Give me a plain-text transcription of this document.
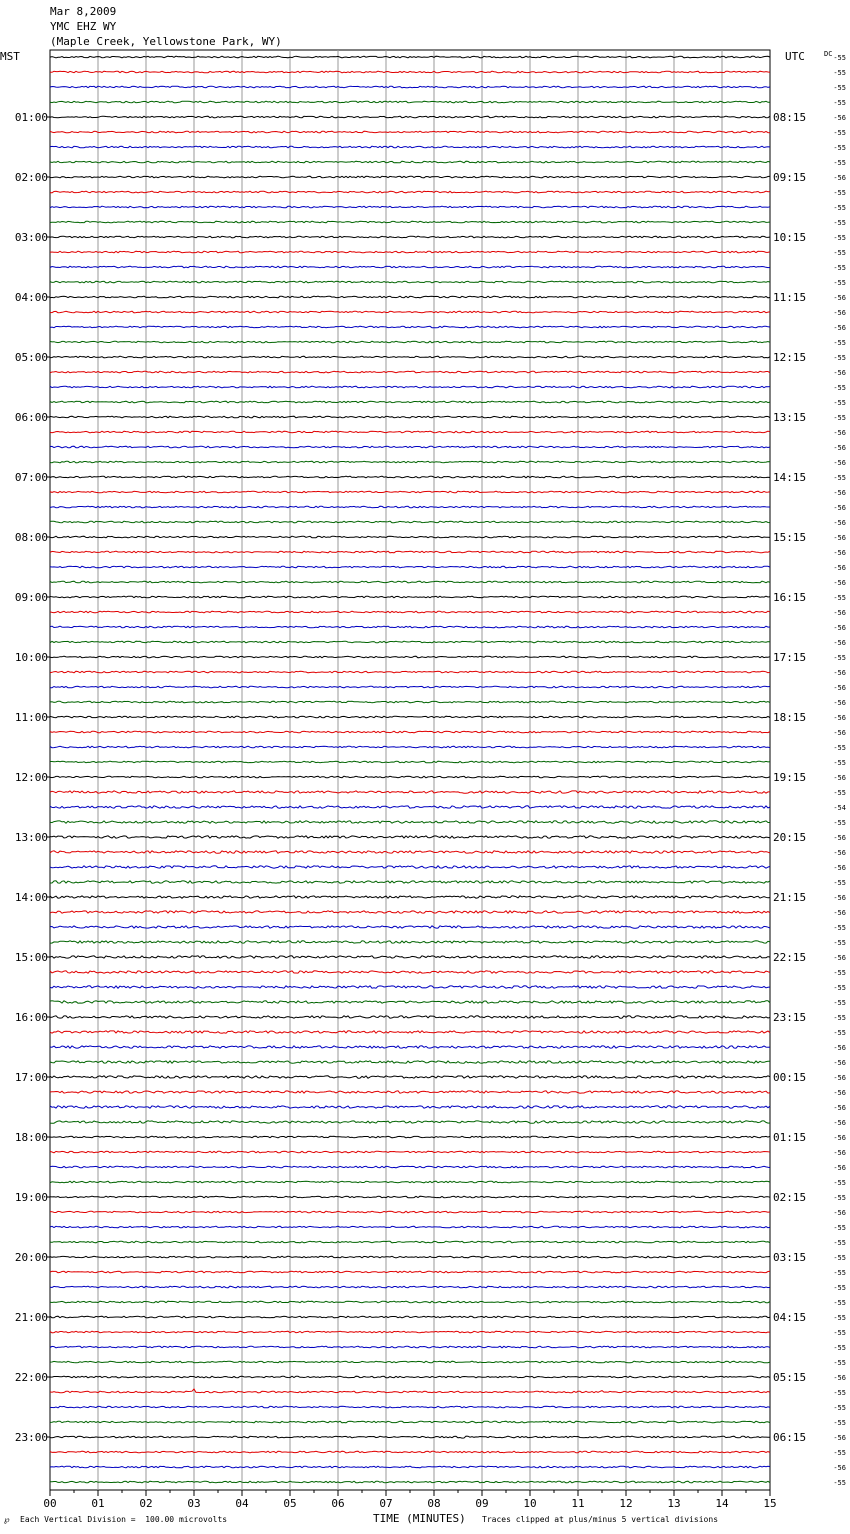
Mar 8,2009
YMC EHZ WY
(Maple Creek, Yellowstone Park, WY)
MST	UTC
00	01	02	03	04	05	06	07	08	09	10	11	12	13	14	15
-55
-55
-55
-55
-56
01:00	08:15
-55
-55
-55
-56
02:00	09:15
-55
-55
-55
-55
03:00	10:15
-55
-55
-55
-56
04:00	11:15
-56
-56
-55
-55
05:00	12:15
-56
-55
-55
-55
06:00	13:15
-56
-56
-56
-55
07:00	14:15
-56
-56
-56
-56
08:00	15:15
-56
-56
-56
-55
09:00	16:15
-56
-56
-56
-55
10:00	17:15
-56
-56
-56
-56
11:00	18:15
-56
-55
-55
-56
12:00	19:15
-55
-54
-55
-56
13:00	20:15
-56
-56
-55
-56
14:00	21:15
-56
-55
-55
-56
15:00	22:15
-55
-55
-55
-55
16:00	23:15
-55
-56
-56
-56
17:00	00:15
-56
-56
-56
-56
18:00	01:15
-56
-56
-55
-55
19:00	02:15
-56
-55
-55
-55
20:00	03:15
-55
-55
-55
-55
21:00	04:15
-55
-55
-55
-56
22:00	05:15
-55
-55
-55
-56
23:00	06:15
-55
-56
-55
DC
℘ Each Vertical Division =  100.00 microvolts	TIME (MINUTES) Traces clipped at plus/minus 5 vertical divisions
